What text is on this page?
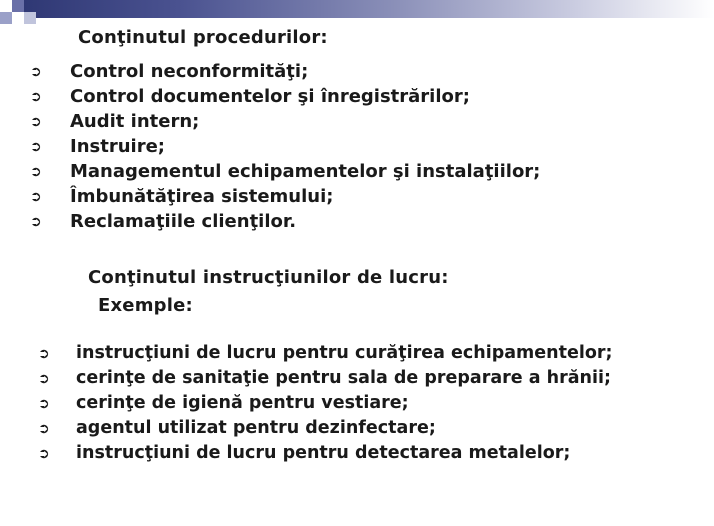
Conţinutul procedurilor:
➲ Control neconformităţi;
➲ Control documentelor şi înregistrărilor;
➲ Audit intern;
➲ Instruire;
➲ Managementul echipamentelor şi instalaţiilor;
➲ Îmbunătăţirea sistemului;
➲ Reclamaţiile clienţilor.
Conţinutul instrucţiunilor de lucru:
Exemple:
➲ instrucţiuni de lucru pentru curăţirea echipamentelor;
➲ cerinţe de sanitaţie pentru sala de preparare a hrănii;
➲ cerinţe de igienă pentru vestiare;
➲ agentul utilizat pentru dezinfectare;
➲ instrucţiuni de lucru pentru detectarea metalelor;
